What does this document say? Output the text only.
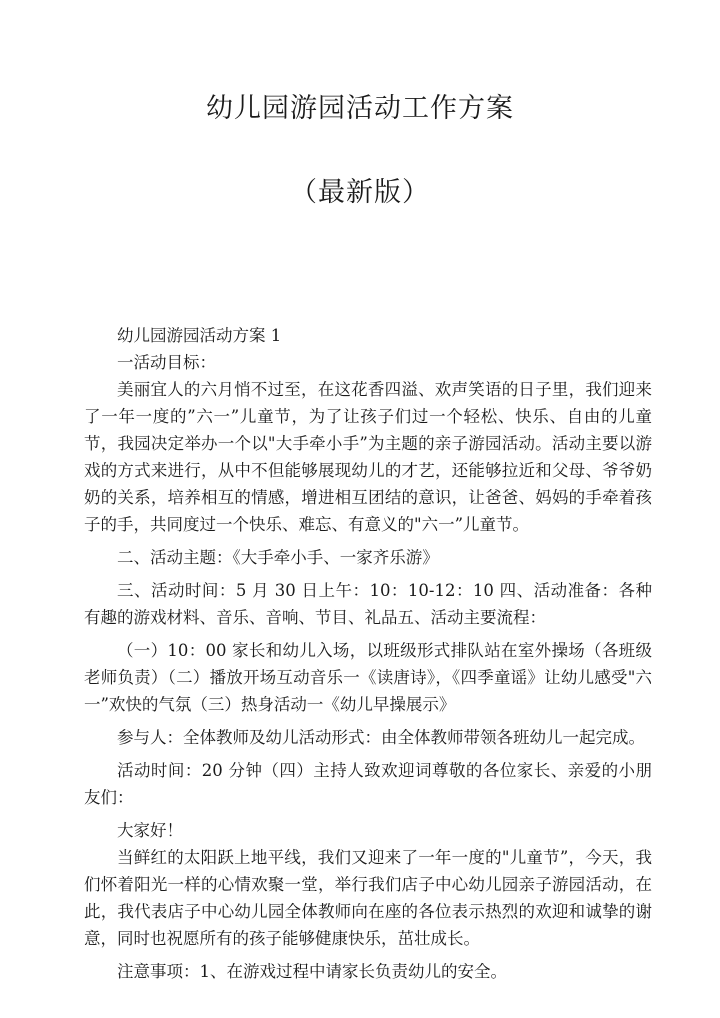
幼儿园游园活动工作方案
（最新版）

幼儿园游园活动方案 1

一活动目标：

美丽宜人的六月悄不过至，在这花香四溢、欢声笑语的日子里，我们迎来了一年一度的”六一”儿童节，为了让孩子们过一个轻松、快乐、自由的儿童节，我园决定举办一个以"大手牵小手”为主题的亲子游园活动。活动主要以游戏的方式来进行，从中不但能够展现幼儿的才艺，还能够拉近和父母、爷爷奶奶的关系，培养相互的情感，增进相互团结的意识，让爸爸、妈妈的手牵着孩子的手，共同度过一个快乐、难忘、有意义的"六一”儿童节。

二、活动主题：《大手牵小手、一家齐乐游》

三、活动时间：5 月 30 日上午：10：10-12：10 四、活动准备：各种有趣的游戏材料、音乐、音响、节目、礼品五、活动主要流程：

（一）10：00 家长和幼儿入场，以班级形式排队站在室外操场（各班级老师负责）（二）播放开场互动音乐一《读唐诗》，《四季童谣》让幼儿感受"六一”欢快的气氛（三）热身活动一《幼儿早操展示》

参与人：全体教师及幼儿活动形式：由全体教师带领各班幼儿一起完成。

活动时间：20 分钟（四）主持人致欢迎词尊敬的各位家长、亲爱的小朋友们：

大家好！

当鲜红的太阳跃上地平线，我们又迎来了一年一度的"儿童节”，今天，我们怀着阳光一样的心情欢聚一堂，举行我们店子中心幼儿园亲子游园活动，在此，我代表店子中心幼儿园全体教师向在座的各位表示热烈的欢迎和诚挚的谢意，同时也祝愿所有的孩子能够健康快乐，茁壮成长。

注意事项：1、在游戏过程中请家长负责幼儿的安全。
